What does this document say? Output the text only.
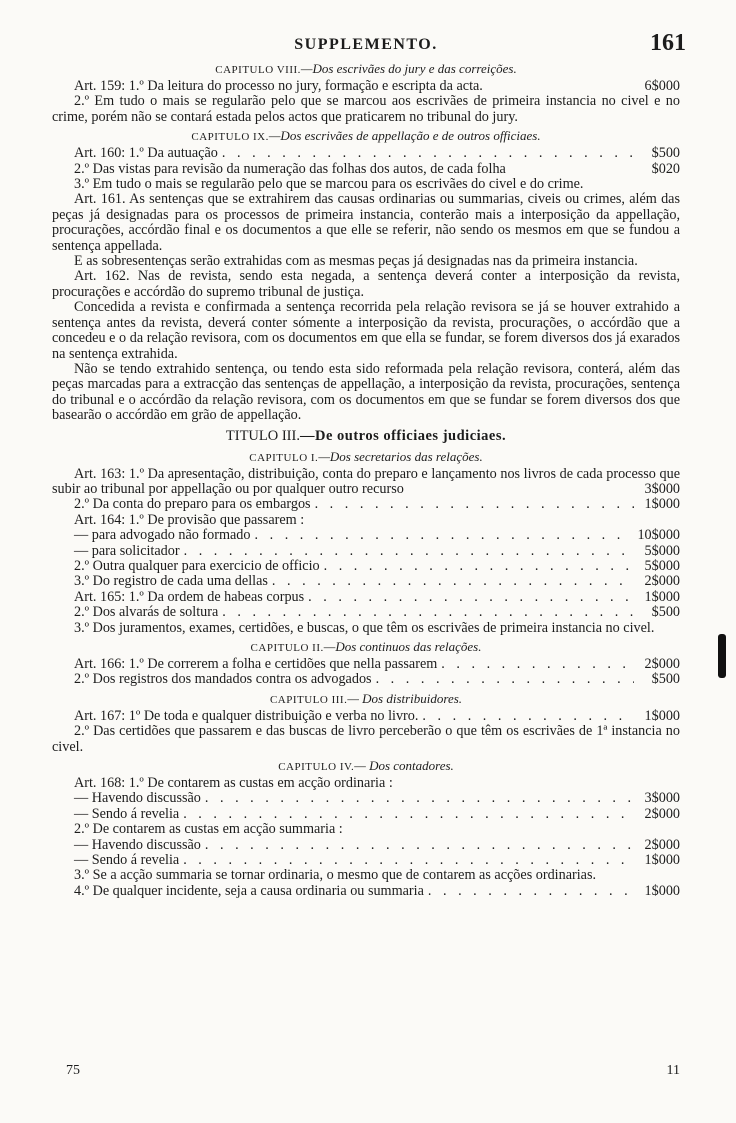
SUPPLEMENTO.	161
CAPITULO VIII.—Dos escrivães do jury e das correições.
Art. 159: 1.º Da leitura do processo no jury, formação e escripta da acta.	6$000

2.º Em tudo o mais se regularão pelo que se marcou aos escrivães de primeira instancia no civel e no crime, porém não se contará estada pelos actos que praticarem no tribunal do jury.

CAPITULO IX.—Dos escrivães de appellação e de outros officiaes.
Art. 160: 1.º Da autuação . . .	$500
2.º Das vistas para revisão da numeração das folhas dos autos, de cada folha	$020

3.º Em tudo o mais se regularão pelo que se marcou para os escrivães do civel e do crime.

Art. 161. As sentenças que se extrahirem das causas ordinarias ou summarias, civeis ou crimes, além das peças já designadas para os processos de primeira instancia, conterão mais a interposição da appellação, procurações, accórdão final e os documentos a que elle se referir, não sendo os mesmos em que se fundou a sentença appellada.

E as sobresentenças serão extrahidas com as mesmas peças já designadas nas da primeira instancia.

Art. 162. Nas de revista, sendo esta negada, a sentença deverá conter a interposição da revista, procurações e accórdão do supremo tribunal de justiça.

Concedida a revista e confirmada a sentença recorrida pela relação revisora se já se houver extrahido a sentença antes da revista, deverá conter sómente a interposição da revista, procurações, o accórdão que a concedeu e o da relação revisora, com os documentos em que ella se fundar, se forem diversos dos já exarados na sentença extrahida.

Não se tendo extrahido sentença, ou tendo esta sido reformada pela relação revisora, conterá, além das peças marcadas para a extracção das sentenças de appellação, a interposição da revista, procurações, sentença do tribunal e o accórdão da relação revisora, com os documentos em que se fundar se forem diversos dos que basearão o accórdão em grão de appellação.

TITULO III.—De outros officiaes judiciaes.
CAPITULO I.—Dos secretarios das relações.

Art. 163: 1.º Da apresentação, distribuição, conta do preparo e lançamento nos livros de cada processo que subir ao tribunal por appellação ou por qualquer outro recurso	3$000

2.º Da conta do preparo para os embargos . . .	1$000
Art. 164: 1.º De provisão que passarem :
— para advogado não formado . . .	10$000
— para solicitador . . .	5$000
2.º Outra qualquer para exercicio de officio . . .	5$000
3.º Do registro de cada uma dellas . . .	2$000
Art. 165: 1.º Da ordem de habeas corpus . . .	1$000
2.º Dos alvarás de soltura . . .	$500

3.º Dos juramentos, exames, certidões, e buscas, o que têm os escrivães de primeira instancia no civel.

CAPITULO II.—Dos continuos das relações.
Art. 166: 1.º De correrem a folha e certidões que nella passarem . . .	2$000
2.º Dos registros dos mandados contra os advogados . . .	$500
CAPITULO III.— Dos distribuidores.
Art. 167: 1º De toda e qualquer distribuição e verba no livro. . . .	1$000

2.º Das certidões que passarem e das buscas de livro perceberão o que têm os escrivães de 1ª instancia no civel.

CAPITULO IV.— Dos contadores.
Art. 168: 1.º De contarem as custas em acção ordinaria :
— Havendo discussão . . .	3$000
— Sendo á revelia . . .	2$000
2.º De contarem as custas em acção summaria :
— Havendo discussão . . .	2$000
— Sendo á revelia . . .	1$000

3.º Se a acção summaria se tornar ordinaria, o mesmo que de contarem as acções ordinarias.

4.º De qualquer incidente, seja a causa ordinaria ou summaria . . .	1$000
75	11
